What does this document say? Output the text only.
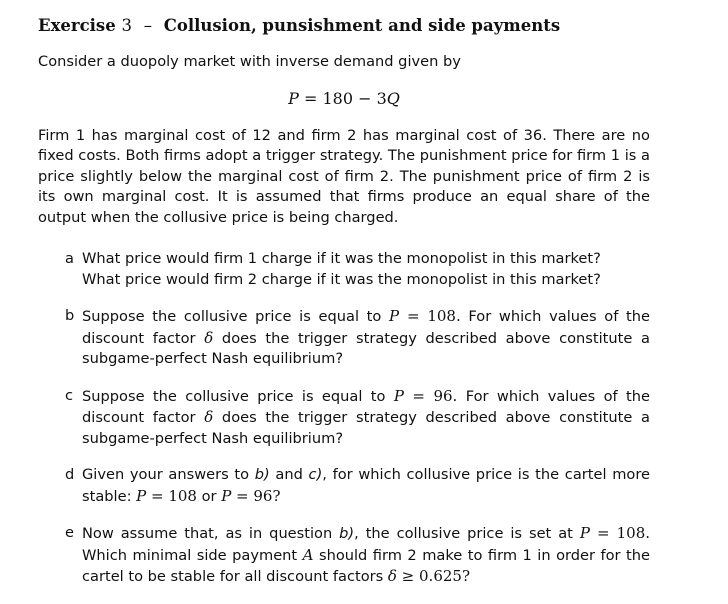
Exercise 3 – Collusion, punsishment and side payments

Consider a duopoly market with inverse demand given by

P = 180 − 3Q

Firm 1 has marginal cost of 12 and firm 2 has marginal cost of 36. There are no fixed costs. Both firms adopt a trigger strategy. The punishment price for firm 1 is a price slightly below the marginal cost of firm 2. The punishment price of firm 2 is its own marginal cost. It is assumed that firms produce an equal share of the output when the collusive price is being charged.

a What price would firm 1 charge if it was the monopolist in this market?
What price would firm 2 charge if it was the monopolist in this market?
b Suppose the collusive price is equal to P = 108. For which values of the discount factor δ does the trigger strategy described above constitute a subgame-perfect Nash equilibrium?
c Suppose the collusive price is equal to P = 96. For which values of the discount factor δ does the trigger strategy described above constitute a subgame-perfect Nash equilibrium?
d Given your answers to b) and c), for which collusive price is the cartel more stable: P = 108 or P = 96?
e Now assume that, as in question b), the collusive price is set at P = 108. Which minimal side payment A should firm 2 make to firm 1 in order for the cartel to be stable for all discount factors δ ≥ 0.625?
